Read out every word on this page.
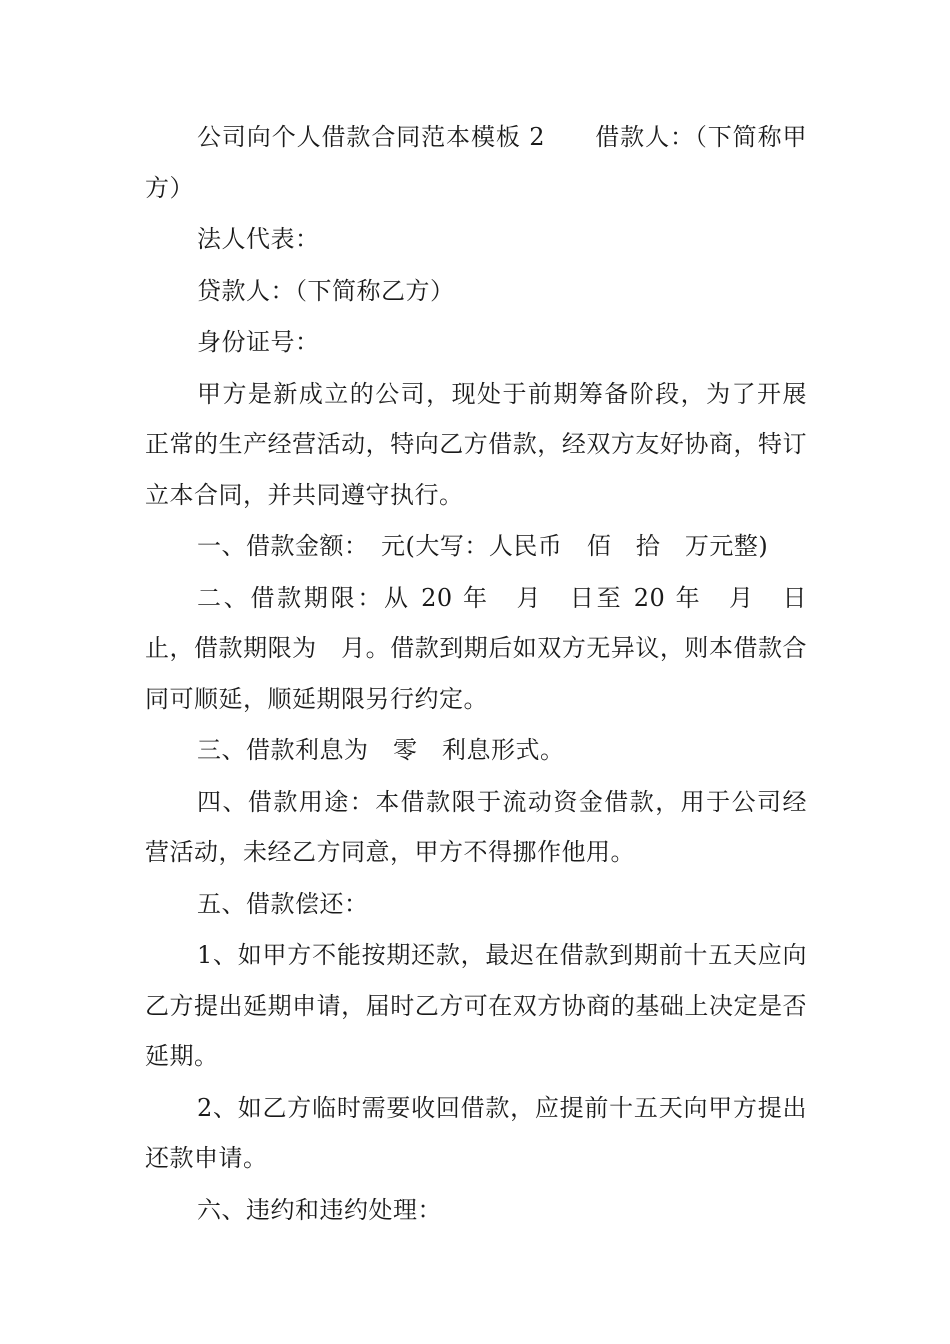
公司向个人借款合同范本模板 2　　借款人：（下简称甲方）

法人代表：

贷款人：（下简称乙方）

身份证号：

甲方是新成立的公司，现处于前期筹备阶段，为了开展正常的生产经营活动，特向乙方借款，经双方友好协商，特订立本合同，并共同遵守执行。

一、借款金额：　元(大写：人民币　佰　拾　万元整)

二、借款期限：从 20 年　月　日至 20 年　月　日止，借款期限为　月。借款到期后如双方无异议，则本借款合同可顺延，顺延期限另行约定。

三、借款利息为　零　利息形式。

四、借款用途：本借款限于流动资金借款，用于公司经营活动，未经乙方同意，甲方不得挪作他用。

五、借款偿还：

1、如甲方不能按期还款，最迟在借款到期前十五天应向乙方提出延期申请，届时乙方可在双方协商的基础上决定是否延期。

2、如乙方临时需要收回借款，应提前十五天向甲方提出还款申请。

六、违约和违约处理：
